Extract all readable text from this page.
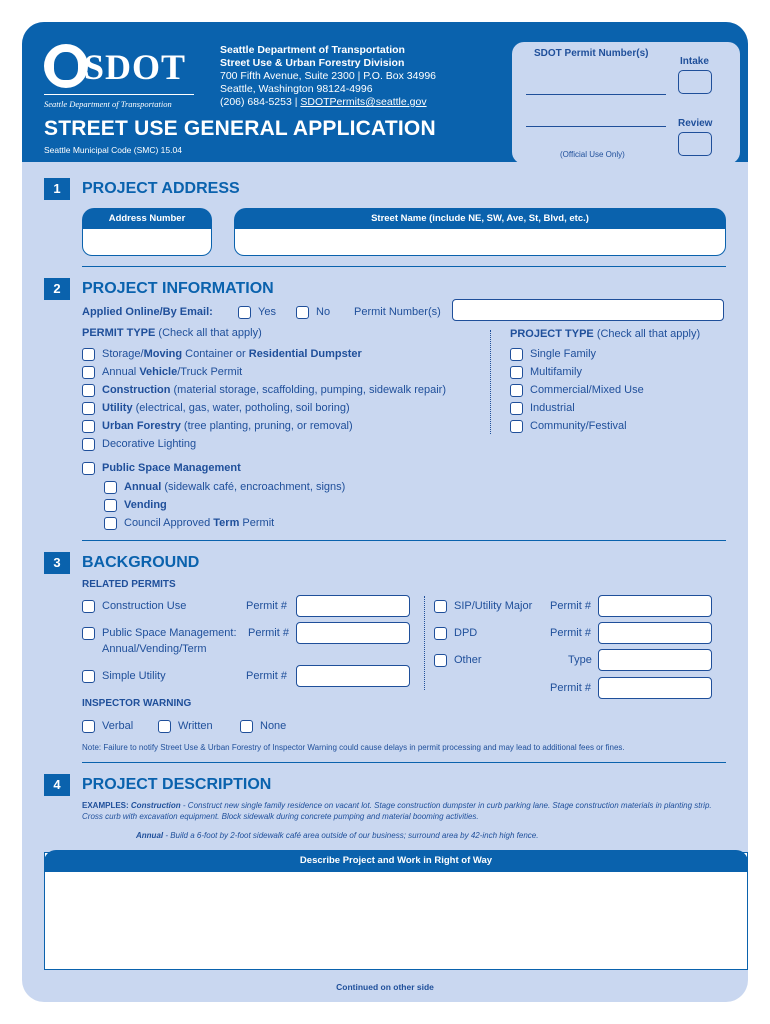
SDOT
Seattle Department of Transportation
Seattle Department of Transportation
Street Use & Urban Forestry Division
700 Fifth Avenue, Suite 2300 | P.O. Box 34996
Seattle, Washington 98124-4996
(206) 684-5253 | SDOTPermits@seattle.gov
STREET USE GENERAL APPLICATION
Seattle Municipal Code (SMC) 15.04
SDOT Permit Number(s)
(Official Use Only)
Intake
Review
1	PROJECT ADDRESS
Address Number	Street Name (include NE, SW, Ave, St, Blvd, etc.)
2	PROJECT INFORMATION
Applied Online/By Email:	Yes	No Permit Number(s)
PERMIT TYPE (Check all that apply)
Storage/Moving Container or Residential Dumpster
Annual Vehicle/Truck Permit
Construction (material storage, scaffolding, pumping, sidewalk repair)
Utility (electrical, gas, water, potholing, soil boring)
Urban Forestry (tree planting, pruning, or removal)
Decorative Lighting
PROJECT TYPE (Check all that apply)
Single Family
Multifamily
Commercial/Mixed Use
Industrial
Community/Festival
Public Space Management
Annual (sidewalk café, encroachment, signs)
Vending
Council Approved Term Permit
3	BACKGROUND
RELATED PERMITS
Construction Use	Permit #
Public Space Management:
Annual/Vending/Term
Permit #
Simple Utility	Permit #
SIP/Utility Major Permit #
DPD	Permit #
Other	Type
Permit #
INSPECTOR WARNING
Verbal	Written	None
Note: Failure to notify Street Use & Urban Forestry of Inspector Warning could cause delays in permit processing and may lead to additional fees or fines.
4	PROJECT DESCRIPTION
EXAMPLES: Construction - Construct new single family residence on vacant lot. Stage construction dumpster in curb parking lane. Stage construction materials in planting strip. Cross curb with excavation equipment. Block sidewalk during concrete pumping and material booming activities.
Annual - Build a 6-foot by 2-foot sidewalk café area outside of our business; surround area by 42-inch high fence.
Describe Project and Work in Right of Way
Continued on other side
